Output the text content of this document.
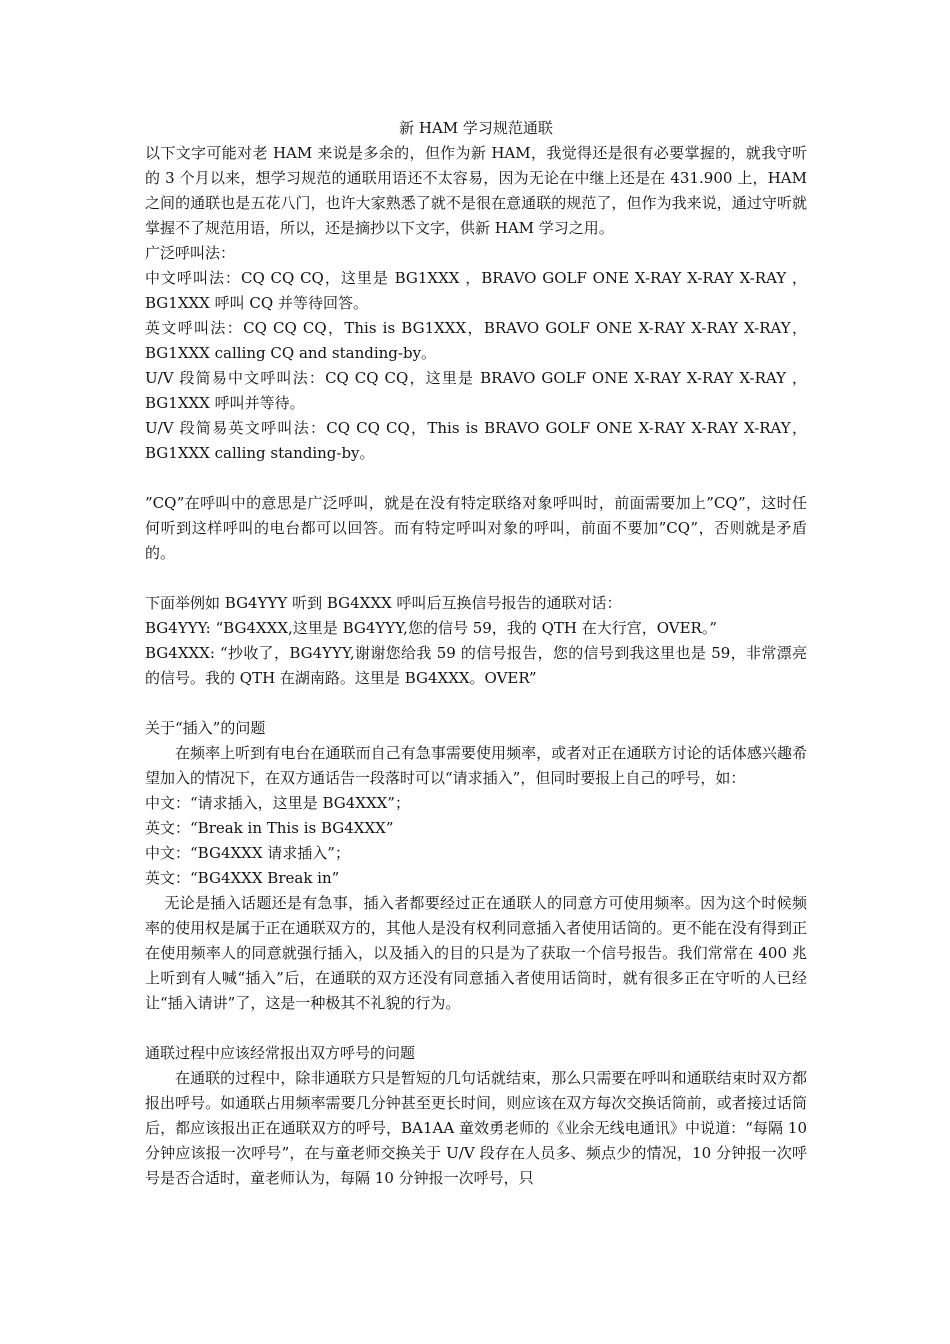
新 HAM 学习规范通联

以下文字可能对老 HAM 来说是多余的，但作为新 HAM，我觉得还是很有必要掌握的，就我守听的 3 个月以来，想学习规范的通联用语还不太容易，因为无论在中继上还是在 431.900 上，HAM 之间的通联也是五花八门，也许大家熟悉了就不是很在意通联的规范了，但作为我来说，通过守听就掌握不了规范用语，所以，还是摘抄以下文字，供新 HAM 学习之用。

广泛呼叫法：

中文呼叫法：CQ CQ CQ，这里是 BG1XXX ，BRAVO GOLF ONE X-RAY X-RAY X-RAY ，BG1XXX 呼叫 CQ 并等待回答。

英文呼叫法：CQ CQ CQ，This is BG1XXX，BRAVO GOLF ONE X-RAY X-RAY X-RAY，BG1XXX calling CQ and standing-by。

U/V 段简易中文呼叫法：CQ CQ CQ，这里是 BRAVO GOLF ONE X-RAY X-RAY X-RAY ，BG1XXX 呼叫并等待。

U/V 段简易英文呼叫法：CQ CQ CQ，This is BRAVO GOLF ONE X-RAY X-RAY X-RAY，BG1XXX calling standing-by。

”CQ”在呼叫中的意思是广泛呼叫，就是在没有特定联络对象呼叫时，前面需要加上”CQ”，这时任何听到这样呼叫的电台都可以回答。而有特定呼叫对象的呼叫，前面不要加”CQ”，否则就是矛盾的。

下面举例如 BG4YYY 听到 BG4XXX 呼叫后互换信号报告的通联对话：

BG4YYY: “BG4XXX,这里是 BG4YYY,您的信号 59，我的 QTH 在大行宫，OVER。”

BG4XXX: “抄收了，BG4YYY,谢谢您给我 59 的信号报告，您的信号到我这里也是 59，非常漂亮的信号。我的 QTH 在湖南路。这里是 BG4XXX。OVER”

关于“插入”的问题

在频率上听到有电台在通联而自己有急事需要使用频率，或者对正在通联方讨论的话体感兴趣希望加入的情况下，在双方通话告一段落时可以“请求插入”，但同时要报上自己的呼号，如：

中文：“请求插入，这里是 BG4XXX”；

英文：“Break in This is BG4XXX”

中文：“BG4XXX 请求插入”；

英文：“BG4XXX Break in”

无论是插入话题还是有急事，插入者都要经过正在通联人的同意方可使用频率。因为这个时候频率的使用权是属于正在通联双方的，其他人是没有权利同意插入者使用话筒的。更不能在没有得到正在使用频率人的同意就强行插入，以及插入的目的只是为了获取一个信号报告。我们常常在 400 兆上听到有人喊“插入”后，在通联的双方还没有同意插入者使用话筒时，就有很多正在守听的人已经让“插入请讲”了，这是一种极其不礼貌的行为。

通联过程中应该经常报出双方呼号的问题

在通联的过程中，除非通联方只是暂短的几句话就结束，那么只需要在呼叫和通联结束时双方都报出呼号。如通联占用频率需要几分钟甚至更长时间，则应该在双方每次交换话筒前，或者接过话筒后，都应该报出正在通联双方的呼号，BA1AA 童效勇老师的《业余无线电通讯》中说道：“每隔 10 分钟应该报一次呼号”，在与童老师交换关于 U/V 段存在人员多、频点少的情况，10 分钟报一次呼号是否合适时，童老师认为，每隔 10 分钟报一次呼号，只
